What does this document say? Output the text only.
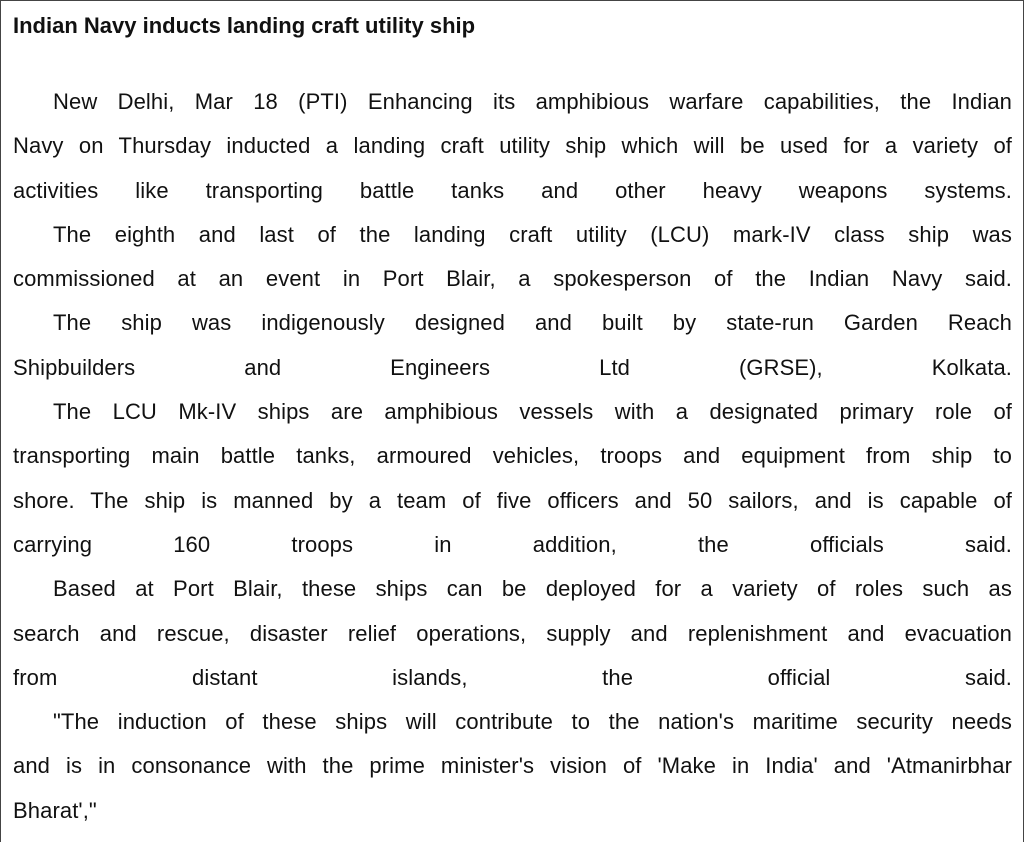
Indian Navy inducts landing craft utility ship
New Delhi, Mar 18 (PTI) Enhancing its amphibious warfare capabilities, the Indian
Navy on Thursday inducted a landing craft utility ship which will be used for a variety of
activities like transporting battle tanks and other heavy weapons systems.
The eighth and last of the landing craft utility (LCU) mark-IV class ship was
commissioned at an event in Port Blair, a spokesperson of the Indian Navy said.
The ship was indigenously designed and built by state-run Garden Reach
Shipbuilders and Engineers Ltd (GRSE), Kolkata.
The LCU Mk-IV ships are amphibious vessels with a designated primary role of
transporting main battle tanks, armoured vehicles, troops and equipment from ship to
shore. The ship is manned by a team of five officers and 50 sailors, and is capable of
carrying 160 troops in addition, the officials said.
Based at Port Blair, these ships can be deployed for a variety of roles such as
search and rescue, disaster relief operations, supply and replenishment and evacuation
from distant islands, the official said.
"The induction of these ships will contribute to the nation's maritime security needs
and is in consonance with the prime minister's vision of 'Make in India' and 'Atmanirbhar
Bharat',"
